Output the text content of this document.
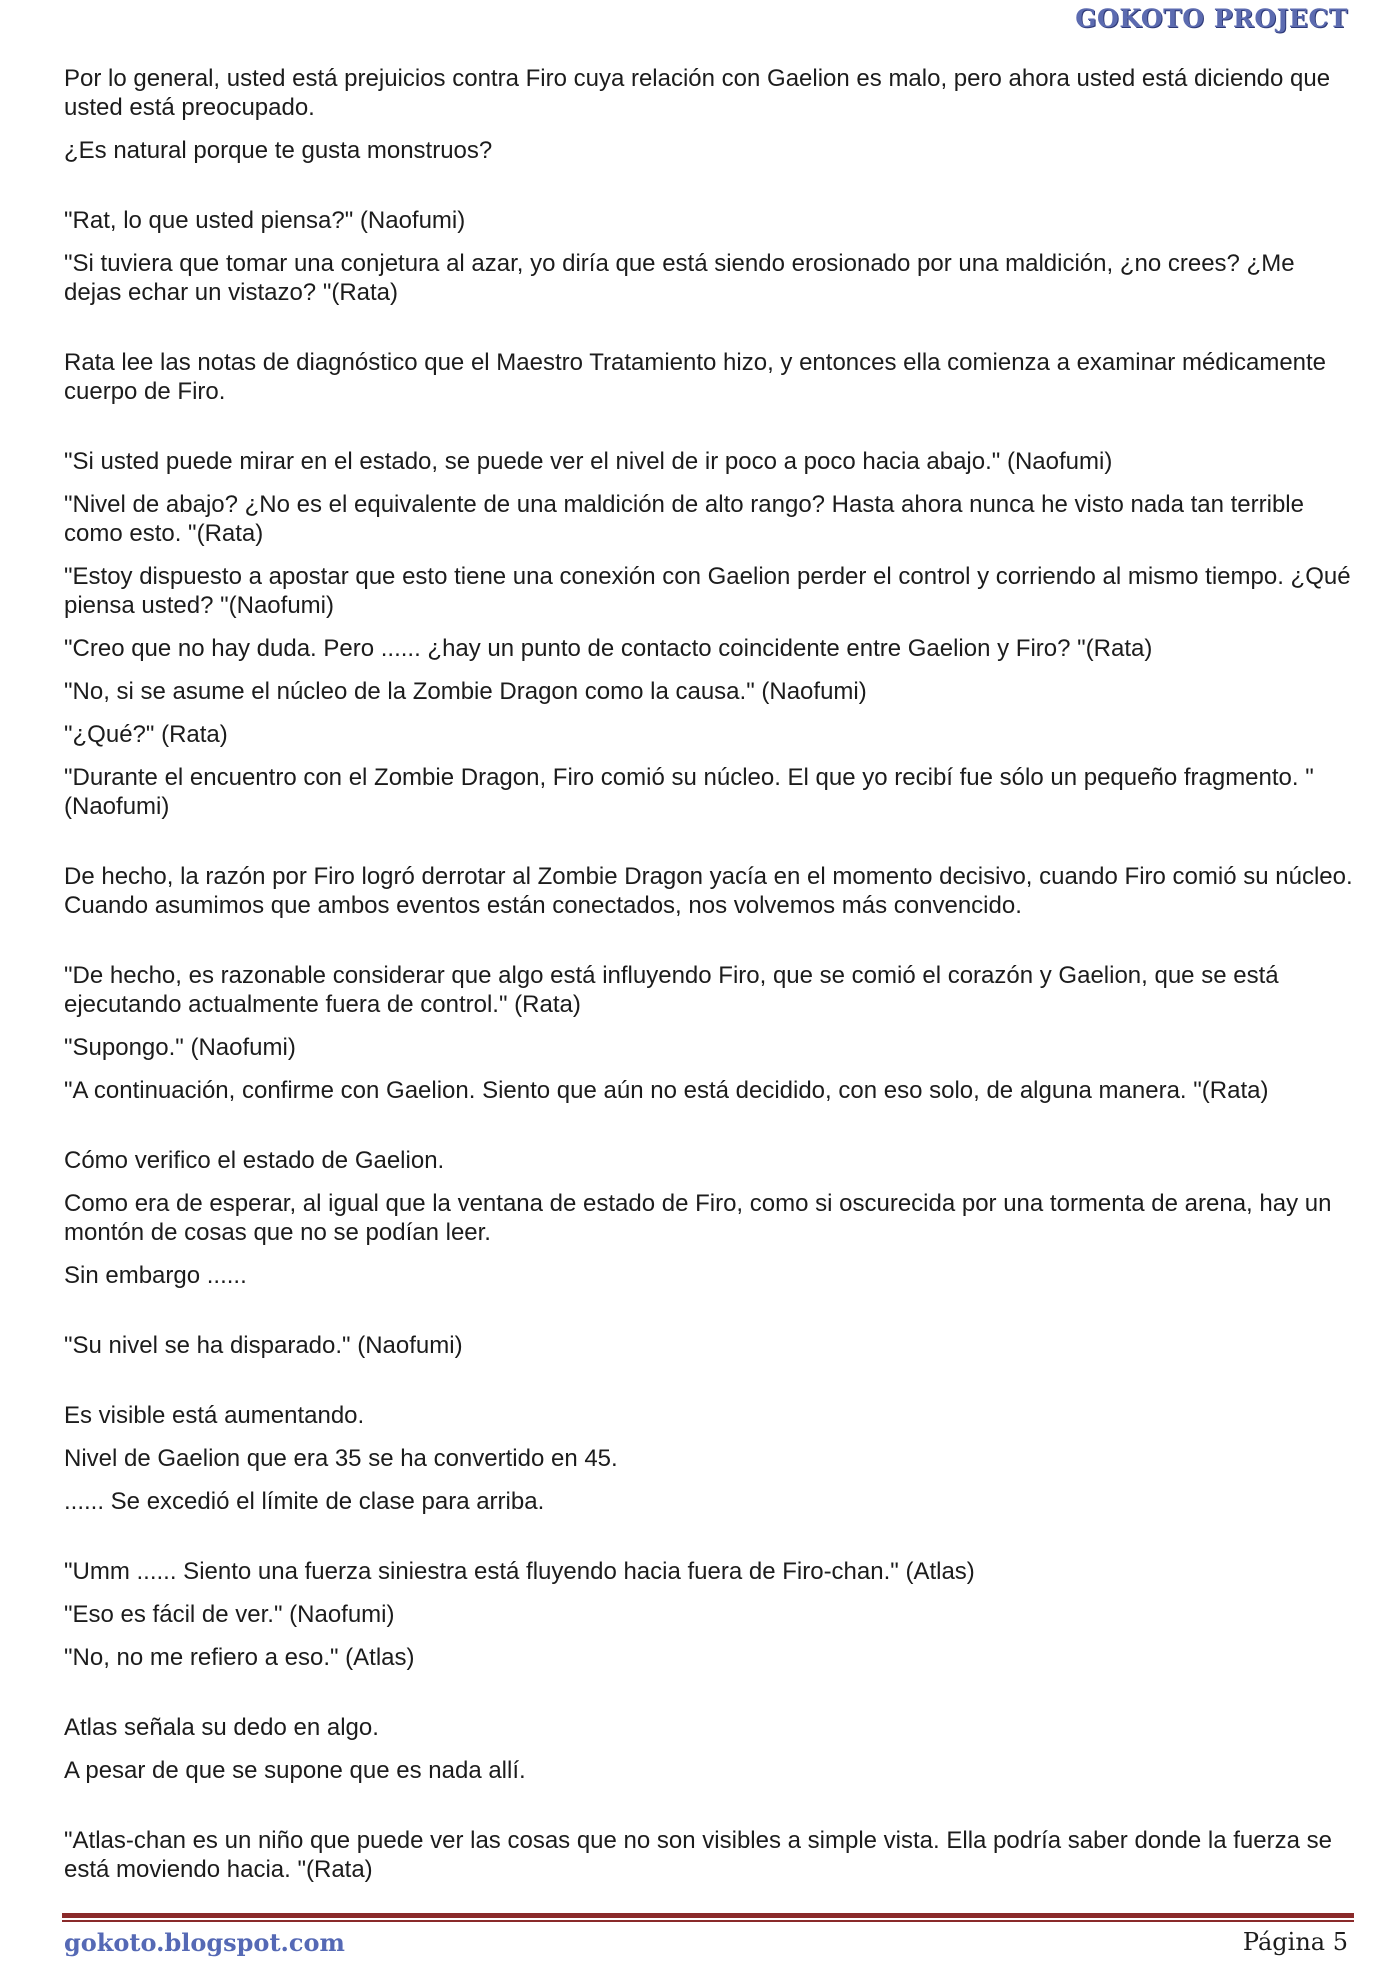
GOKOTO PROJECT

Por lo general, usted está prejuicios contra Firo cuya relación con Gaelion es malo, pero ahora usted está diciendo que usted está preocupado.

¿Es natural porque te gusta monstruos?

"Rat, lo que usted piensa?" (Naofumi)

"Si tuviera que tomar una conjetura al azar, yo diría que está siendo erosionado por una maldición, ¿no crees? ¿Me dejas echar un vistazo? "(Rata)

Rata lee las notas de diagnóstico que el Maestro Tratamiento hizo, y entonces ella comienza a examinar médicamente cuerpo de Firo.

"Si usted puede mirar en el estado, se puede ver el nivel de ir poco a poco hacia abajo." (Naofumi)

"Nivel de abajo? ¿No es el equivalente de una maldición de alto rango? Hasta ahora nunca he visto nada tan terrible como esto. "(Rata)

"Estoy dispuesto a apostar que esto tiene una conexión con Gaelion perder el control y corriendo al mismo tiempo. ¿Qué piensa usted? "(Naofumi)

"Creo que no hay duda. Pero ...... ¿hay un punto de contacto coincidente entre Gaelion y Firo? "(Rata)

"No, si se asume el núcleo de la Zombie Dragon como la causa." (Naofumi)

"¿Qué?" (Rata)

"Durante el encuentro con el Zombie Dragon, Firo comió su núcleo. El que yo recibí fue sólo un pequeño fragmento. "(Naofumi)

De hecho, la razón por Firo logró derrotar al Zombie Dragon yacía en el momento decisivo, cuando Firo comió su núcleo. Cuando asumimos que ambos eventos están conectados, nos volvemos más convencido.

"De hecho, es razonable considerar que algo está influyendo Firo, que se comió el corazón y Gaelion, que se está ejecutando actualmente fuera de control." (Rata)

"Supongo." (Naofumi)

"A continuación, confirme con Gaelion. Siento que aún no está decidido, con eso solo, de alguna manera. "(Rata)

Cómo verifico el estado de Gaelion.

Como era de esperar, al igual que la ventana de estado de Firo, como si oscurecida por una tormenta de arena, hay un montón de cosas que no se podían leer.

Sin embargo ......

"Su nivel se ha disparado." (Naofumi)

Es visible está aumentando.

Nivel de Gaelion que era 35 se ha convertido en 45.

...... Se excedió el límite de clase para arriba.

"Umm ...... Siento una fuerza siniestra está fluyendo hacia fuera de Firo-chan." (Atlas)

"Eso es fácil de ver." (Naofumi)

"No, no me refiero a eso." (Atlas)

Atlas señala su dedo en algo.

A pesar de que se supone que es nada allí.

"Atlas-chan es un niño que puede ver las cosas que no son visibles a simple vista. Ella podría saber donde la fuerza se está moviendo hacia. "(Rata)

gokoto.blogspot.com	Página 5
